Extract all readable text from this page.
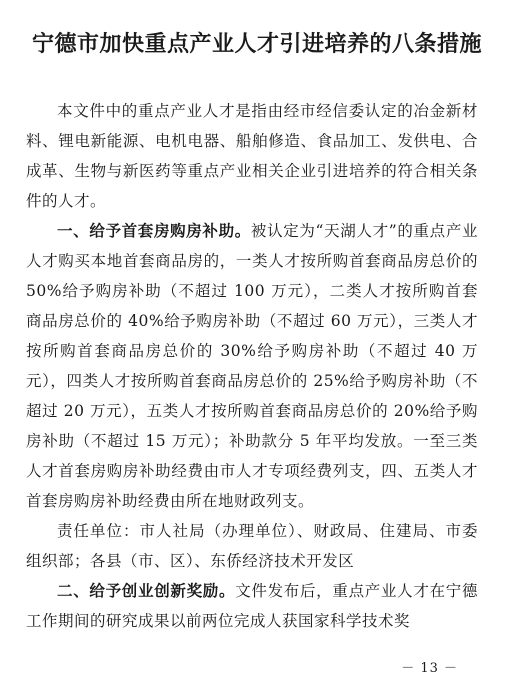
宁德市加快重点产业人才引进培养的八条措施

本文件中的重点产业人才是指由经市经信委认定的冶金新材料、锂电新能源、电机电器、船舶修造、食品加工、发供电、合成革、生物与新医药等重点产业相关企业引进培养的符合相关条件的人才。

一、给予首套房购房补助。被认定为“天湖人才”的重点产业人才购买本地首套商品房的，一类人才按所购首套商品房总价的 50%给予购房补助（不超过 100 万元），二类人才按所购首套商品房总价的 40%给予购房补助（不超过 60 万元），三类人才按所购首套商品房总价的 30%给予购房补助（不超过 40 万元），四类人才按所购首套商品房总价的 25%给予购房补助（不超过 20 万元），五类人才按所购首套商品房总价的 20%给予购房补助（不超过 15 万元）；补助款分 5 年平均发放。一至三类人才首套房购房补助经费由市人才专项经费列支，四、五类人才首套房购房补助经费由所在地财政列支。

责任单位：市人社局（办理单位）、财政局、住建局、市委组织部；各县（市、区）、东侨经济技术开发区

二、给予创业创新奖励。文件发布后，重点产业人才在宁德工作期间的研究成果以前两位完成人获国家科学技术奖

－ 13 －
